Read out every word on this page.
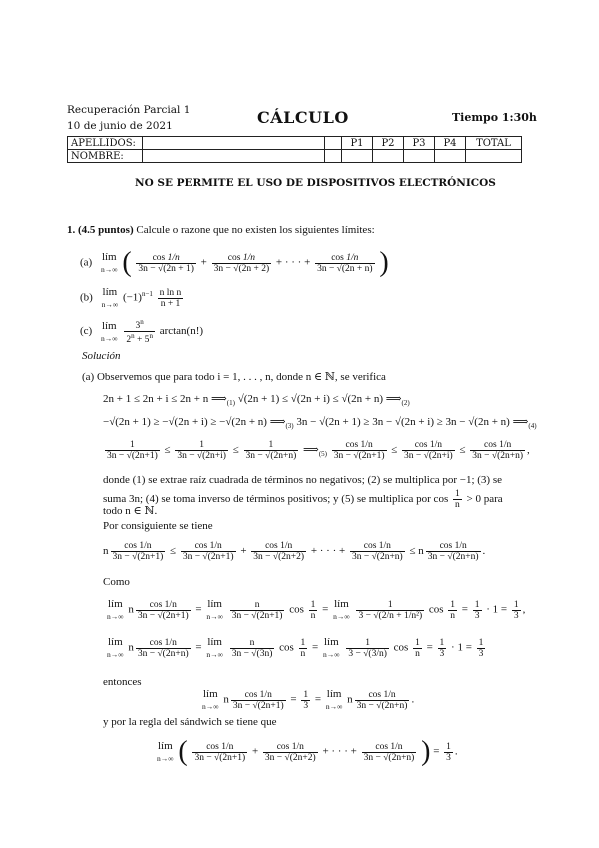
Recuperación Parcial 1
10 de junio de 2021	CÁLCULO	Tiempo 1:30h
APELLIDOS:			P1	P2	P3	P4	TOTAL
NOMBRE:							
NO SE PERMITE EL USO DE DISPOSITIVOS ELECTRÓNICOS
1. (4.5 puntos) Calcule o razone que no existen los siguientes límites:
(a) lím
n→∞ ( $\frac{\cos 1/n}{3n - √(2n + 1)} + \frac{\cos 1/n}{3n - √(2n + 2)}$ + · · · + $\frac{\cos 1/n}{3n - √(2n + n)}$ )
(b) lím
n→∞ $(-1)^{n-1} \frac{\text{n ln n}}{n + 1}$
(c) lím
$n\to\infty \frac{3^n}{2^n + 5^n} \arctan(n!)$
Solución
(a) Observemos que para todo i = 1, . . . , n, donde n ∈ ℕ, se verifica
2n + 1 ≤ 2n + i ≤ 2n + n $⟹_{(1)}$ √(2n + 1) ≤ √(2n + i) ≤ √(2n + n) $⟹_{(2)}$
−√(2n + 1) ≥ −√(2n + i) ≥ −√(2n + n) $⟹_{(3)}$ 3n − √(2n + 1) ≥ 3n − √(2n + i) ≥ 3n − √(2n + n) $⟹_{(4)}$
$\frac{1}{3n - √(2n+1)} \le \frac{1}{3n - √(2n+i)} \le \frac{1}{3n - √(2n+n)}$ $⟹_{(5)} \frac{\cos 1/n}{3n - √(2n+1)} \le \frac{\cos 1/n}{3n - √(2n+i)} \le \frac{\cos 1/n}{3n - √(2n+n)}$ ,
donde (1) se extrae raíz cuadrada de términos no negativos; (2) se multiplica por −1; (3) se
suma 3n; (4) se toma inverso de términos positivos; y (5) se multiplica por $\cos \frac{1}{n} > 0$ para
todo n ∈ ℕ.
Por consiguiente se tiene
n $\frac{\cos 1/n}{3n - √(2n+1)} \le \frac{\cos 1/n}{3n - √(2n+1)} + \frac{\cos 1/n}{3n - √(2n+2)}$ + · · · + $\frac{\cos 1/n}{3n - √(2n+n)} \le n \frac{\cos 1/n}{3n - √(2n+n)}$ .
Como
lím
n→∞ n $\frac{\cos 1/n}{3n - √(2n+1)}$ = lím
$n\to\infty \frac{n}{3n - √(2n+1)}$ $\cos \frac{1}{n}$ = lím
$n\to\infty \frac{1}{\text{3 − √(2/n + 1/n²)}}$ $\cos \frac{1}{n} = \frac{1}{3} \cdot 1 = \frac{1}{3}$ ,
lím
n→∞ n $\frac{\cos 1/n}{3n - √(2n+n)}$ = lím
$n\to\infty \frac{n}{3n - √(3n)}$ $\cos \frac{1}{n}$ = lím
$n\to\infty \frac{1}{3 - √(3/n)}$ $\cos \frac{1}{n} = \frac{1}{3} \cdot 1 = \frac{1}{3}$
entonces
lím
n→∞ n $\frac{\cos 1/n}{3n - √(2n+1)} = \frac{1}{3}$ = lím
n→∞ n $\frac{\cos 1/n}{3n - √(2n+n)}$ .
y por la regla del sándwich se tiene que
lím
n→∞ ( $\frac{\cos 1/n}{3n - √(2n+1)} + \frac{\cos 1/n}{3n - √(2n+2)}$ + · · · + $\frac{\cos 1/n}{3n - √(2n+n)}$ ) = $\frac{1}{3}$ .
